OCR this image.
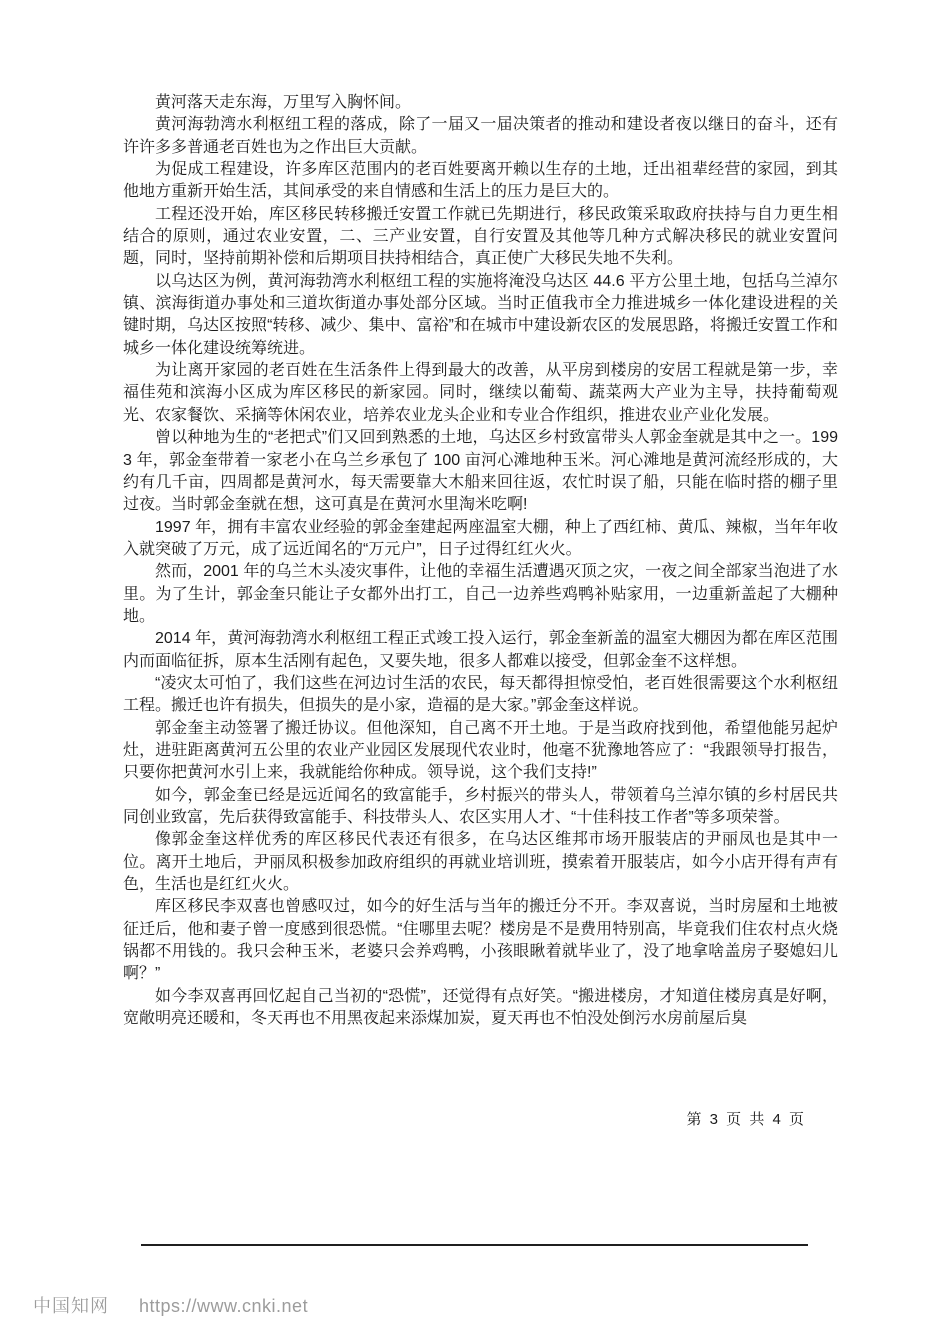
黄河落天走东海，万里写入胸怀间。

黄河海勃湾水利枢纽工程的落成，除了一届又一届决策者的推动和建设者夜以继日的奋斗，还有许许多多普通老百姓也为之作出巨大贡献。

为促成工程建设，许多库区范围内的老百姓要离开赖以生存的土地，迁出祖辈经营的家园，到其他地方重新开始生活，其间承受的来自情感和生活上的压力是巨大的。

工程还没开始，库区移民转移搬迁安置工作就已先期进行，移民政策采取政府扶持与自力更生相结合的原则，通过农业安置，二、三产业安置，自行安置及其他等几种方式解决移民的就业安置问题，同时，坚持前期补偿和后期项目扶持相结合，真正使广大移民失地不失利。

以乌达区为例，黄河海勃湾水利枢纽工程的实施将淹没乌达区 44.6 平方公里土地，包括乌兰淖尔镇、滨海街道办事处和三道坎街道办事处部分区域。当时正值我市全力推进城乡一体化建设进程的关键时期，乌达区按照“转移、减少、集中、富裕”和在城市中建设新农区的发展思路，将搬迁安置工作和城乡一体化建设统筹统进。

为让离开家园的老百姓在生活条件上得到最大的改善，从平房到楼房的安居工程就是第一步，幸福佳苑和滨海小区成为库区移民的新家园。同时，继续以葡萄、蔬菜两大产业为主导，扶持葡萄观光、农家餐饮、采摘等休闲农业，培养农业龙头企业和专业合作组织，推进农业产业化发展。

曾以种地为生的“老把式”们又回到熟悉的土地，乌达区乡村致富带头人郭金奎就是其中之一。1993 年，郭金奎带着一家老小在乌兰乡承包了 100 亩河心滩地种玉米。河心滩地是黄河流经形成的，大约有几千亩，四周都是黄河水，每天需要靠大木船来回往返，农忙时误了船，只能在临时搭的棚子里过夜。当时郭金奎就在想，这可真是在黄河水里淘米吃啊!

1997 年，拥有丰富农业经验的郭金奎建起两座温室大棚，种上了西红柿、黄瓜、辣椒，当年年收入就突破了万元，成了远近闻名的“万元户”，日子过得红红火火。

然而，2001 年的乌兰木头凌灾事件，让他的幸福生活遭遇灭顶之灾，一夜之间全部家当泡进了水里。为了生计，郭金奎只能让子女都外出打工，自己一边养些鸡鸭补贴家用，一边重新盖起了大棚种地。

2014 年，黄河海勃湾水利枢纽工程正式竣工投入运行，郭金奎新盖的温室大棚因为都在库区范围内而面临征拆，原本生活刚有起色，又要失地，很多人都难以接受，但郭金奎不这样想。

“凌灾太可怕了，我们这些在河边讨生活的农民，每天都得担惊受怕，老百姓很需要这个水利枢纽工程。搬迁也许有损失，但损失的是小家，造福的是大家。”郭金奎这样说。

郭金奎主动签署了搬迁协议。但他深知，自己离不开土地。于是当政府找到他，希望他能另起炉灶，进驻距离黄河五公里的农业产业园区发展现代农业时，他毫不犹豫地答应了：“我跟领导打报告，只要你把黄河水引上来，我就能给你种成。领导说，这个我们支持!”

如今，郭金奎已经是远近闻名的致富能手，乡村振兴的带头人，带领着乌兰淖尔镇的乡村居民共同创业致富，先后获得致富能手、科技带头人、农区实用人才、“十佳科技工作者”等多项荣誉。

像郭金奎这样优秀的库区移民代表还有很多，在乌达区维邦市场开服装店的尹丽凤也是其中一位。离开土地后，尹丽凤积极参加政府组织的再就业培训班，摸索着开服装店，如今小店开得有声有色，生活也是红红火火。

库区移民李双喜也曾感叹过，如今的好生活与当年的搬迁分不开。李双喜说，当时房屋和土地被征迁后，他和妻子曾一度感到很恐慌。“住哪里去呢？楼房是不是费用特别高，毕竟我们住农村点火烧锅都不用钱的。我只会种玉米，老婆只会养鸡鸭，小孩眼瞅着就毕业了，没了地拿啥盖房子娶媳妇儿啊？”

如今李双喜再回忆起自己当初的“恐慌”，还觉得有点好笑。“搬进楼房，才知道住楼房真是好啊，宽敞明亮还暖和，冬天再也不用黑夜起来添煤加炭，夏天再也不怕没处倒污水房前屋后臭

第 3 页 共 4 页
中国知网 https://www.cnki.net
